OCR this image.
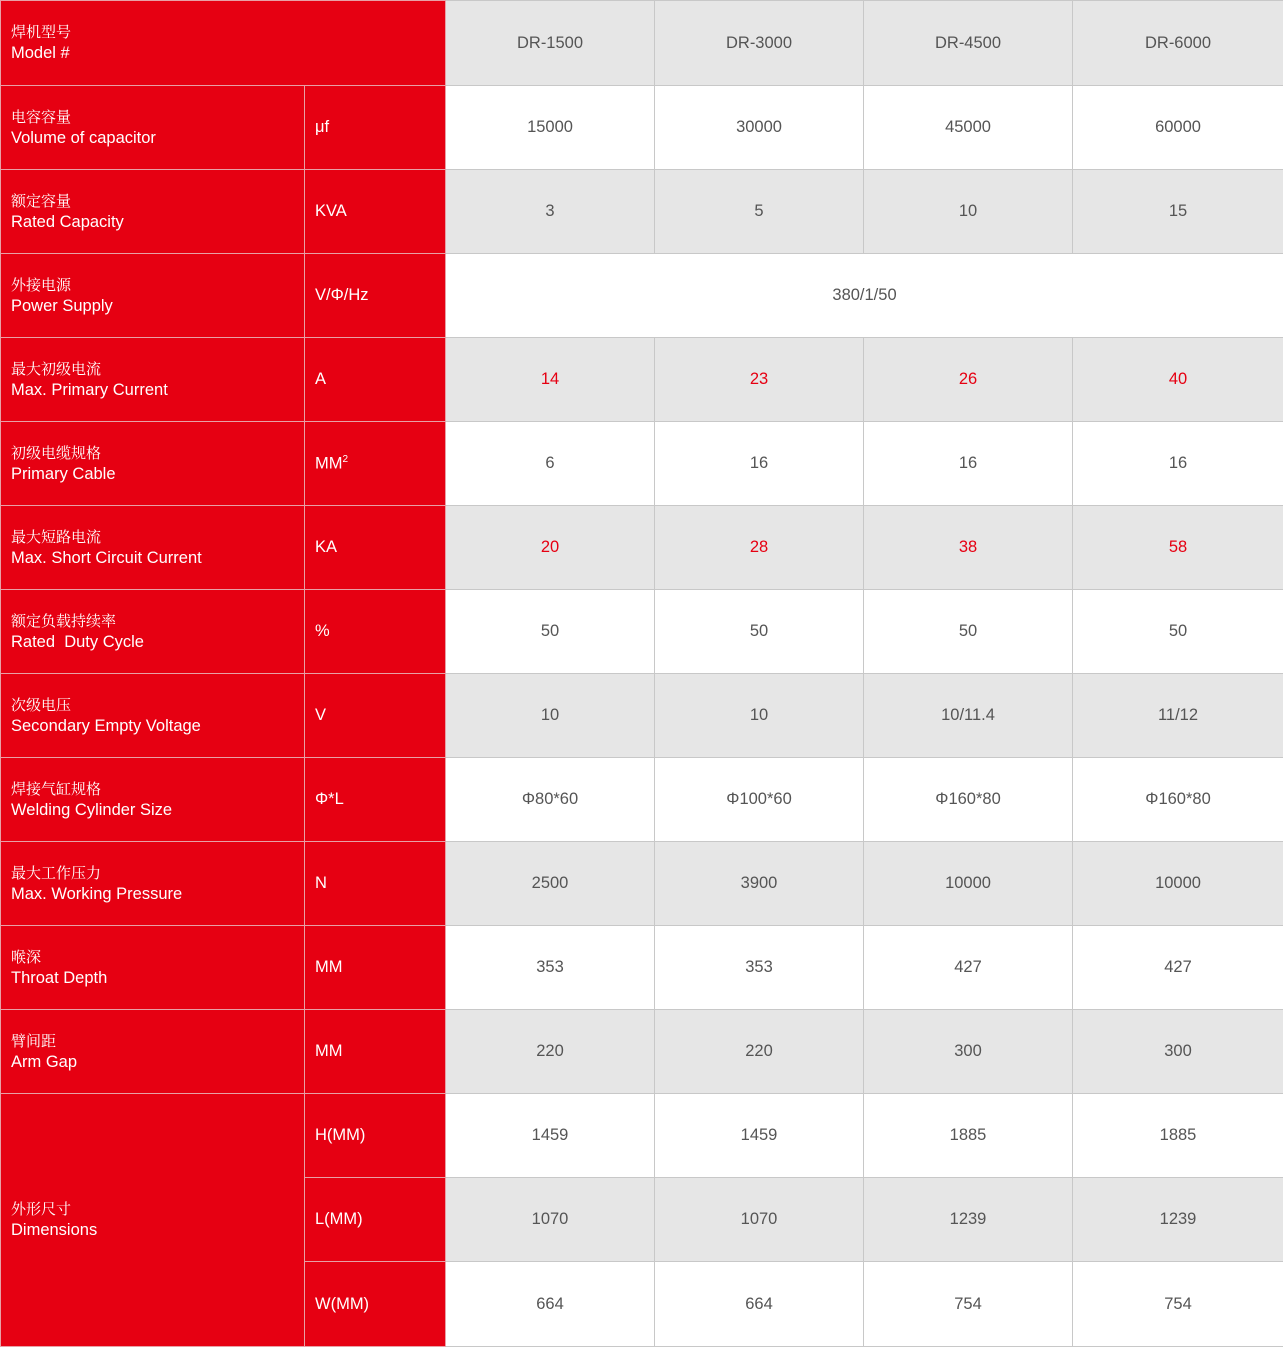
焊机型号
Model #		DR-1500	DR-3000	DR-4500	DR-6000

电容容量
Volume of capacitor	μf	15000	30000	45000	60000

额定容量
Rated Capacity	KVA	3	5	10	15

外接电源
Power Supply	V/Φ/Hz	380/1/50			

最大初级电流
Max. Primary Current	A	14	23	26	40

初级电缆规格
Primary Cable	$MM^2$	6	16	16	16

最大短路电流
Max. Short Circuit Current	KA	20	28	38	58

额定负载持续率
Rated  Duty Cycle	%	50	50	50	50

次级电压
Secondary Empty Voltage	V	10	10	10/11.4	11/12

焊接气缸规格
Welding Cylinder Size	Φ*L	Φ80*60	Φ100*60	Φ160*80	Φ160*80

最大工作压力
Max. Working Pressure	N	2500	3900	10000	10000

喉深
Throat Depth	MM	353	353	427	427

臂间距
Arm Gap	MM	220	220	300	300

外形尺寸
Dimensions	H(MM)	1459	1459	1885	1885
	L(MM)	1070	1070	1239	1239
	W(MM)	664	664	754	754
